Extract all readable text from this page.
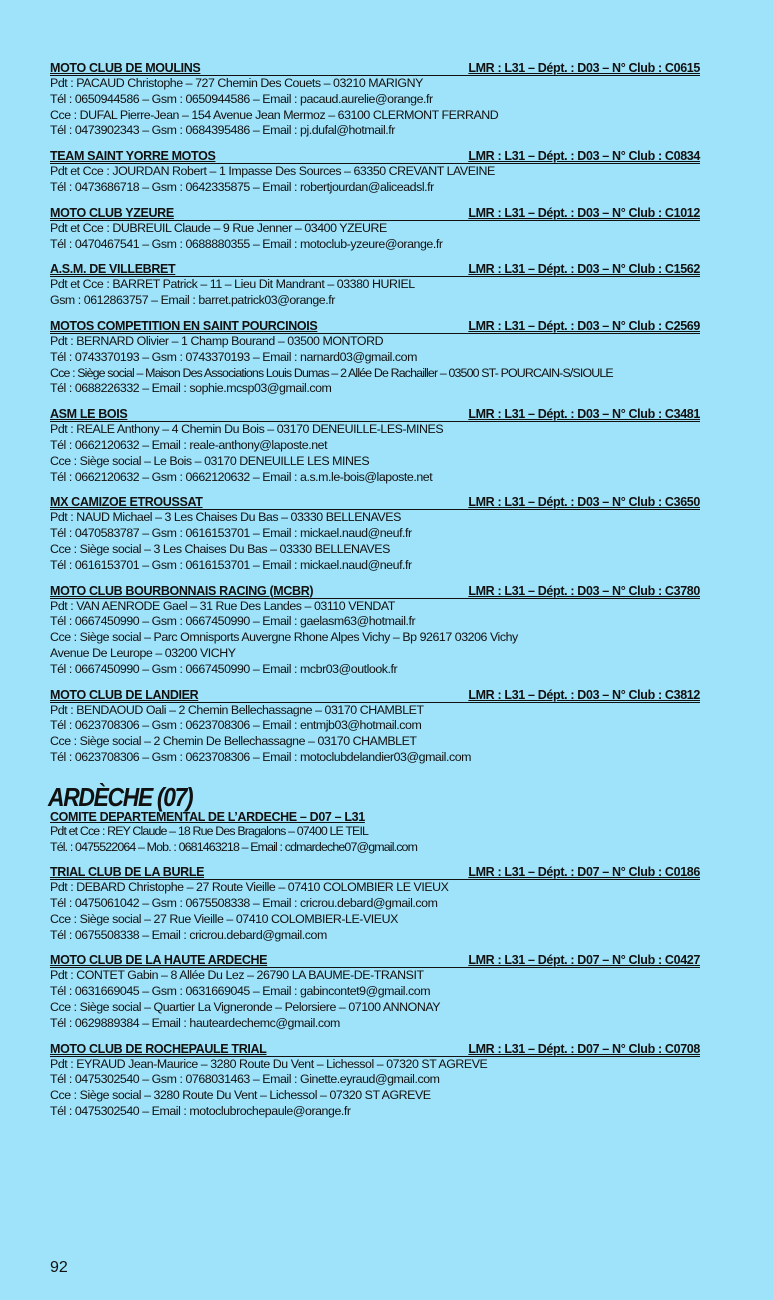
MOTO CLUB DE MOULINS	LMR : L31 – Dépt. : D03 – N° Club : C0615
Pdt : PACAUD Christophe – 727 Chemin Des Couets – 03210 MARIGNY
Tél : 0650944586 – Gsm : 0650944586 – Email : pacaud.aurelie@orange.fr
Cce : DUFAL Pierre-Jean – 154 Avenue Jean Mermoz – 63100 CLERMONT FERRAND
Tél : 0473902343 – Gsm : 0684395486 – Email : pj.dufal@hotmail.fr
TEAM SAINT YORRE MOTOS	LMR : L31 – Dépt. : D03 – N° Club : C0834
Pdt et Cce : JOURDAN Robert – 1 Impasse Des Sources – 63350 CREVANT LAVEINE
Tél : 0473686718 – Gsm : 0642335875 – Email : robertjourdan@aliceadsl.fr
MOTO CLUB YZEURE	LMR : L31 – Dépt. : D03 – N° Club : C1012
Pdt et Cce : DUBREUIL Claude – 9 Rue Jenner – 03400 YZEURE
Tél : 0470467541 – Gsm : 0688880355 – Email : motoclub-yzeure@orange.fr
A.S.M. DE VILLEBRET	LMR : L31 – Dépt. : D03 – N° Club : C1562
Pdt et Cce : BARRET Patrick – 11 – Lieu Dit Mandrant – 03380 HURIEL
Gsm : 0612863757 – Email : barret.patrick03@orange.fr
MOTOS COMPETITION EN SAINT POURCINOIS	LMR : L31 – Dépt. : D03 – N° Club : C2569
Pdt : BERNARD Olivier – 1 Champ Bourand – 03500 MONTORD
Tél : 0743370193 – Gsm : 0743370193 – Email : narnard03@gmail.com
Cce : Siège social – Maison Des Associations Louis Dumas – 2 Allée De Rachailler – 03500 ST- POURCAIN-S/SIOULE
Tél : 0688226332 – Email : sophie.mcsp03@gmail.com
ASM LE BOIS	LMR : L31 – Dépt. : D03 – N° Club : C3481
Pdt : REALE Anthony – 4 Chemin Du Bois – 03170 DENEUILLE-LES-MINES
Tél : 0662120632 – Email : reale-anthony@laposte.net
Cce : Siège social – Le Bois – 03170 DENEUILLE LES MINES
Tél : 0662120632 – Gsm : 0662120632 – Email : a.s.m.le-bois@laposte.net
MX CAMIZOE ETROUSSAT	LMR : L31 – Dépt. : D03 – N° Club : C3650
Pdt : NAUD Michael – 3 Les Chaises Du Bas – 03330 BELLENAVES
Tél : 0470583787 – Gsm : 0616153701 – Email : mickael.naud@neuf.fr
Cce : Siège social – 3 Les Chaises Du Bas – 03330 BELLENAVES
Tél : 0616153701 – Gsm : 0616153701 – Email : mickael.naud@neuf.fr
MOTO CLUB BOURBONNAIS RACING (MCBR)	LMR : L31 – Dépt. : D03 – N° Club : C3780
Pdt : VAN AENRODE Gael – 31 Rue Des Landes – 03110 VENDAT
Tél : 0667450990 – Gsm : 0667450990 – Email : gaelasm63@hotmail.fr
Cce : Siège social – Parc Omnisports Auvergne Rhone Alpes Vichy – Bp 92617 03206 Vichy
Avenue De Leurope – 03200 VICHY
Tél : 0667450990 – Gsm : 0667450990 – Email : mcbr03@outlook.fr
MOTO CLUB DE LANDIER	LMR : L31 – Dépt. : D03 – N° Club : C3812
Pdt : BENDAOUD Oali – 2 Chemin Bellechassagne – 03170 CHAMBLET
Tél : 0623708306 – Gsm : 0623708306 – Email : entmjb03@hotmail.com
Cce : Siège social – 2 Chemin De Bellechassagne – 03170 CHAMBLET
Tél : 0623708306 – Gsm : 0623708306 – Email : motoclubdelandier03@gmail.com
ARDÈCHE (07)
COMITE DEPARTEMENTAL DE L’ARDECHE – D07 – L31
Pdt et Cce : REY Claude – 18 Rue Des Bragalons – 07400 LE TEIL
Tél. : 0475522064 – Mob. : 0681463218 – Email : cdmardeche07@gmail.com
TRIAL CLUB DE LA BURLE	LMR : L31 – Dépt. : D07 – N° Club : C0186
Pdt : DEBARD Christophe – 27 Route Vieille – 07410 COLOMBIER LE VIEUX
Tél : 0475061042 – Gsm : 0675508338 – Email : cricrou.debard@gmail.com
Cce : Siège social – 27 Rue Vieille – 07410 COLOMBIER-LE-VIEUX
Tél : 0675508338 – Email : cricrou.debard@gmail.com
MOTO CLUB DE LA HAUTE ARDECHE	LMR : L31 – Dépt. : D07 – N° Club : C0427
Pdt : CONTET Gabin – 8 Allée Du Lez – 26790 LA BAUME-DE-TRANSIT
Tél : 0631669045 – Gsm : 0631669045 – Email : gabincontet9@gmail.com
Cce : Siège social – Quartier La Vigneronde – Pelorsiere – 07100 ANNONAY
Tél : 0629889384 – Email : hauteardechemc@gmail.com
MOTO CLUB DE ROCHEPAULE TRIAL	LMR : L31 – Dépt. : D07 – N° Club : C0708
Pdt : EYRAUD Jean-Maurice – 3280 Route Du Vent – Lichessol – 07320 ST AGREVE
Tél : 0475302540 – Gsm : 0768031463 – Email : Ginette.eyraud@gmail.com
Cce : Siège social – 3280 Route Du Vent – Lichessol – 07320 ST AGREVE
Tél : 0475302540 – Email : motoclubrochepaule@orange.fr
92
